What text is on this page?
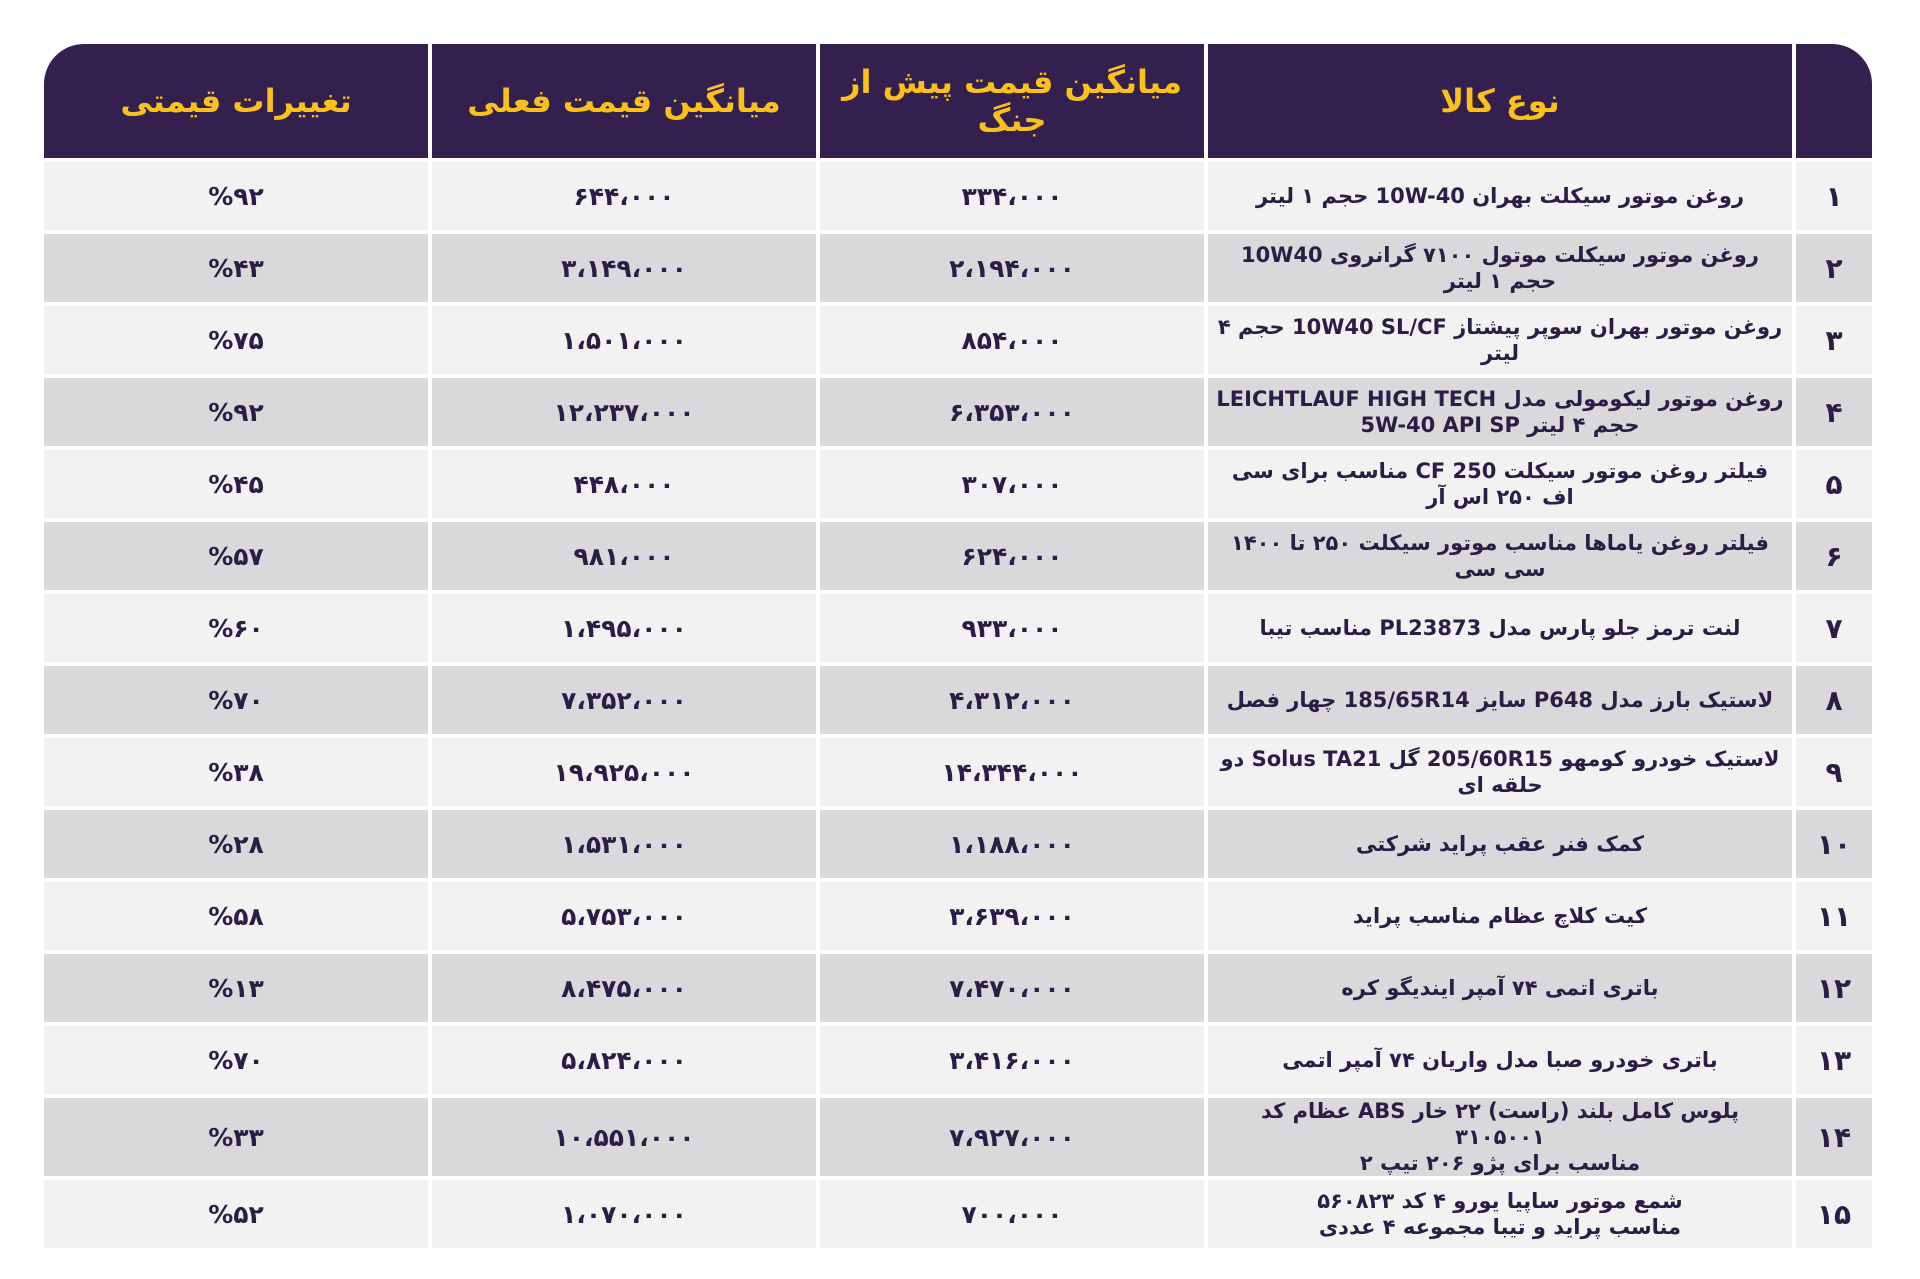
	نوع کالا	میانگین قیمت پیش از جنگ	میانگین قیمت فعلی	تغییرات قیمتی
۱	روغن موتور سیکلت بهران ‎10W-40‎ حجم ۱ لیتر	۳۳۴،۰۰۰	۶۴۴،۰۰۰	%۹۲
۲	روغن موتور سیکلت موتول ۷۱۰۰ گرانروی ‎10W40‎ حجم ۱ لیتر	۲،۱۹۴،۰۰۰	۳،۱۴۹،۰۰۰	%۴۳
۳	روغن موتور بهران سوپر پیشتاز ‎10W40 SL/CF‎ حجم ۴ لیتر	۸۵۴،۰۰۰	۱،۵۰۱،۰۰۰	%۷۵
۴	روغن موتور لیکومولی مدل LEICHTLAUF HIGH TECH
حجم ۴ لیتر ‎5W-40 API SP‎	۶،۳۵۳،۰۰۰	۱۲،۲۳۷،۰۰۰	%۹۲
۵	فیلتر روغن موتور سیکلت ‎CF 250‎ مناسب برای سی اف ۲۵۰ اس آر	۳۰۷،۰۰۰	۴۴۸،۰۰۰	%۴۵
۶	فیلتر روغن یاماها مناسب موتور سیکلت ۲۵۰ تا ۱۴۰۰ سی سی	۶۲۴،۰۰۰	۹۸۱،۰۰۰	%۵۷
۷	لنت ترمز جلو پارس مدل ‎PL23873‎ مناسب تیبا	۹۳۳،۰۰۰	۱،۴۹۵،۰۰۰	%۶۰
۸	لاستیک بارز مدل ‎P648‎ سایز ‎185/65R14‎ چهار فصل	۴،۳۱۲،۰۰۰	۷،۳۵۲،۰۰۰	%۷۰
۹	لاستیک خودرو کومهو ‎205/60R15‎ گل ‎Solus TA21‎ دو حلقه ای	۱۴،۳۴۴،۰۰۰	۱۹،۹۲۵،۰۰۰	%۳۸
۱۰	کمک فنر عقب پراید شرکتی	۱،۱۸۸،۰۰۰	۱،۵۳۱،۰۰۰	%۲۸
۱۱	کیت کلاچ عظام مناسب پراید	۳،۶۳۹،۰۰۰	۵،۷۵۳،۰۰۰	%۵۸
۱۲	باتری اتمی ۷۴ آمپر ایندیگو کره	۷،۴۷۰،۰۰۰	۸،۴۷۵،۰۰۰	%۱۳
۱۳	باتری خودرو صبا مدل واریان ۷۴ آمپر اتمی	۳،۴۱۶،۰۰۰	۵،۸۲۴،۰۰۰	%۷۰
۱۴	پلوس کامل بلند (راست) ۲۲ خار ABS عظام کد ۳۱۰۵۰۰۱
مناسب برای پژو ۲۰۶ تیپ ۲	۷،۹۲۷،۰۰۰	۱۰،۵۵۱،۰۰۰	%۳۳
۱۵	شمع موتور ساپیا یورو ۴ کد ۵۶۰۸۲۳
مناسب پراید و تیبا مجموعه ۴ عددی	۷۰۰،۰۰۰	۱،۰۷۰،۰۰۰	%۵۲
